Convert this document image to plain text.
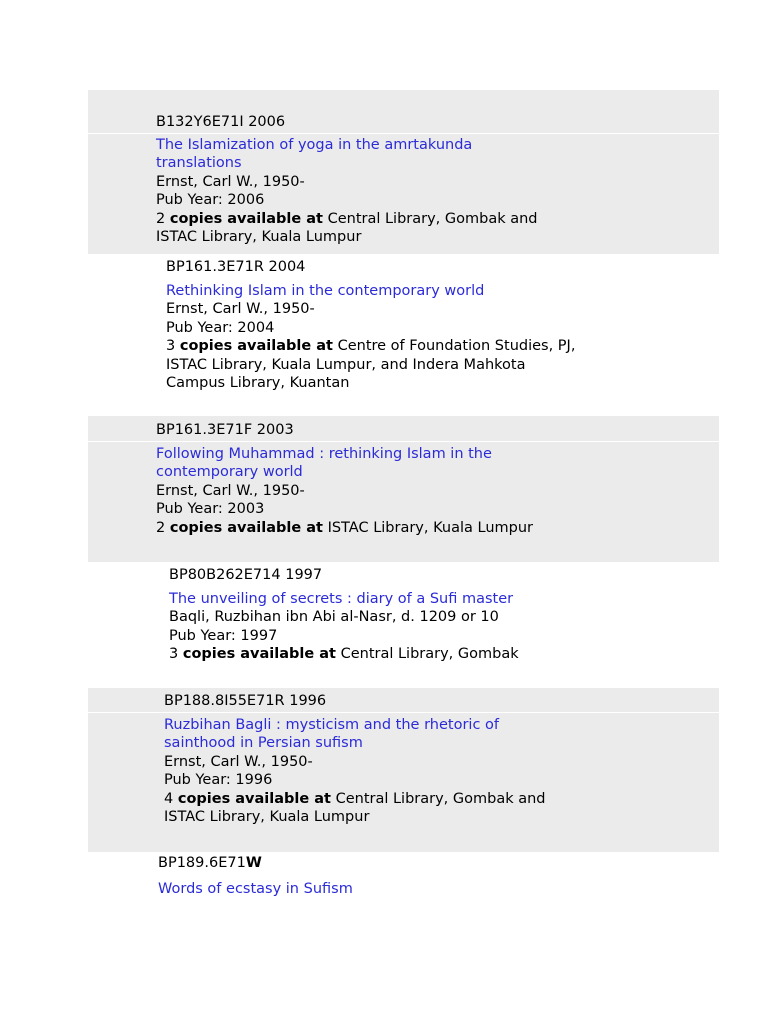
B132Y6E71I 2006
The Islamization of yoga in the amrtakunda translations
Ernst, Carl W., 1950-
Pub Year: 2006
2 copies available at Central Library, Gombak and ISTAC Library, Kuala Lumpur
BP161.3E71R 2004
Rethinking Islam in the contemporary world
Ernst, Carl W., 1950-
Pub Year: 2004
3 copies available at Centre of Foundation Studies, PJ, ISTAC Library, Kuala Lumpur, and Indera Mahkota Campus Library, Kuantan
BP161.3E71F 2003
Following Muhammad : rethinking Islam in the contemporary world
Ernst, Carl W., 1950-
Pub Year: 2003
2 copies available at ISTAC Library, Kuala Lumpur
BP80B262E714 1997
The unveiling of secrets : diary of a Sufi master
Baqli, Ruzbihan ibn Abi al-Nasr, d. 1209 or 10
Pub Year: 1997
3 copies available at Central Library, Gombak
BP188.8I55E71R 1996
Ruzbihan Bagli : mysticism and the rhetoric of sainthood in Persian sufism
Ernst, Carl W., 1950-
Pub Year: 1996
4 copies available at Central Library, Gombak and ISTAC Library, Kuala Lumpur
BP189.6E71W
Words of ecstasy in Sufism
